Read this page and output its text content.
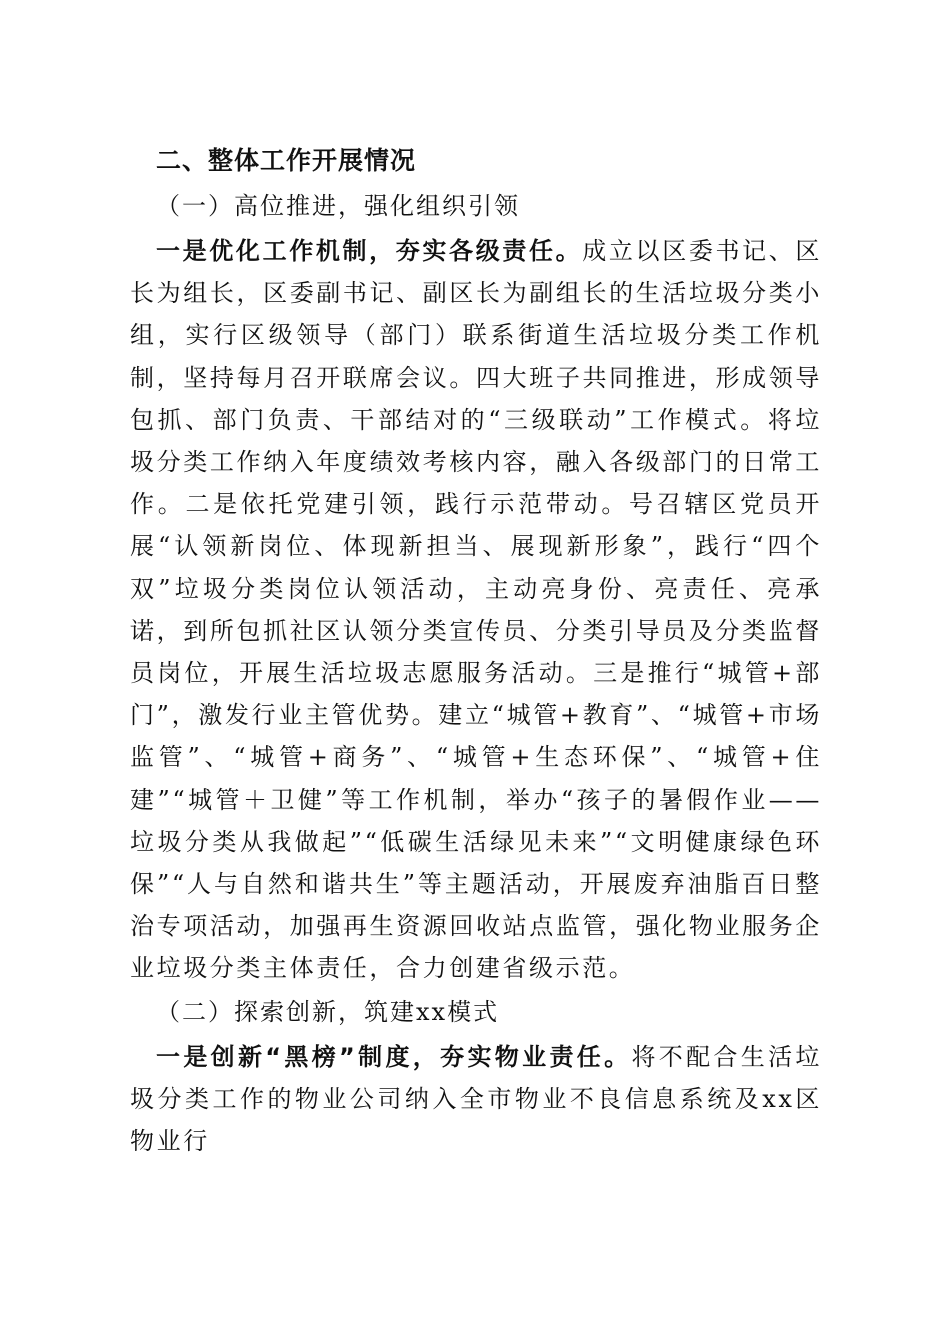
二、整体工作开展情况
（一）高位推进，强化组织引领

一是优化工作机制，夯实各级责任。成立以区委书记、区长为组长，区委副书记、副区长为副组长的生活垃圾分类小组，实行区级领导（部门）联系街道生活垃圾分类工作机制，坚持每月召开联席会议。四大班子共同推进，形成领导包抓、部门负责、干部结对的“三级联动”工作模式。将垃圾分类工作纳入年度绩效考核内容，融入各级部门的日常工作。二是依托党建引领，践行示范带动。号召辖区党员开展“认领新岗位、体现新担当、展现新形象”，践行“四个双”垃圾分类岗位认领活动，主动亮身份、亮责任、亮承诺，到所包抓社区认领分类宣传员、分类引导员及分类监督员岗位，开展生活垃圾志愿服务活动。三是推行“城管+部门”，激发行业主管优势。建立“城管+教育”、“城管+市场监管”、“城管+商务”、“城管+生态环保”、“城管+住建”“城管＋卫健”等工作机制，举办“孩子的暑假作业——垃圾分类从我做起”“低碳生活绿见未来”“文明健康绿色环保”“人与自然和谐共生”等主题活动，开展废弃油脂百日整治专项活动，加强再生资源回收站点监管，强化物业服务企业垃圾分类主体责任，合力创建省级示范。

（二）探索创新，筑建xx模式

一是创新“黑榜”制度，夯实物业责任。将不配合生活垃圾分类工作的物业公司纳入全市物业不良信息系统及xx区物业行
